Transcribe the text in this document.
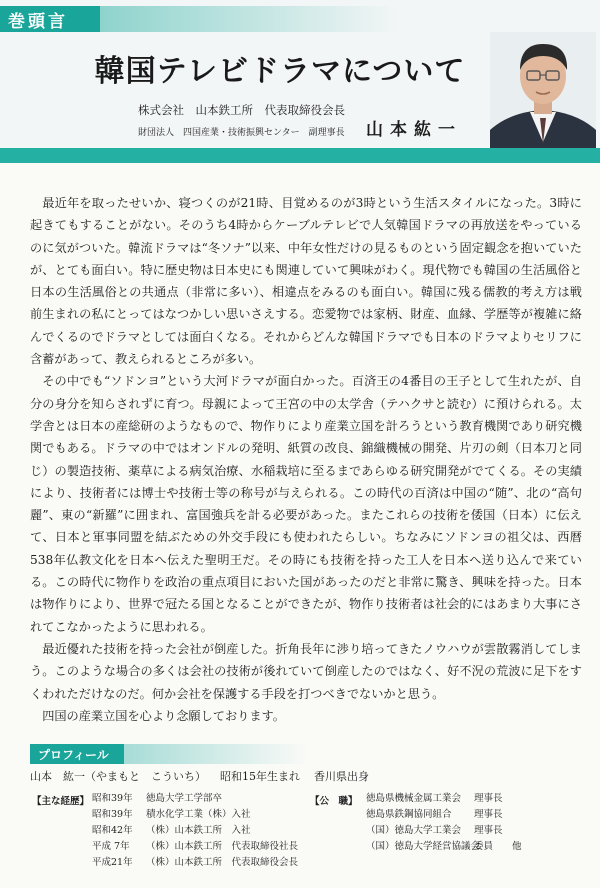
巻頭言
韓国テレビドラマについて
株式会社　山本鉄工所　代表取締役会長
財団法人　四国産業・技術振興センター　副理事長 山本紘一

最近年を取ったせいか、寝つくのが21時、目覚めるのが3時という生活スタイルになった。3時に起きてもすることがない。そのうち4時からケーブルテレビで人気韓国ドラマの再放送をやっているのに気がついた。韓流ドラマは“冬ソナ”以来、中年女性だけの見るものという固定観念を抱いていたが、とても面白い。特に歴史物は日本史にも関連していて興味がわく。現代物でも韓国の生活風俗と日本の生活風俗との共通点（非常に多い）、相違点をみるのも面白い。韓国に残る儒教的考え方は戦前生まれの私にとってはなつかしい思いさえする。恋愛物では家柄、財産、血縁、学歴等が複雑に絡んでくるのでドラマとしては面白くなる。それからどんな韓国ドラマでも日本のドラマよりセリフに含蓄があって、教えられるところが多い。

その中でも“ソドンヨ”という大河ドラマが面白かった。百済王の4番目の王子として生れたが、自分の身分を知らされずに育つ。母親によって王宮の中の太学舎（テハクサと読む）に預けられる。太学舎とは日本の産総研のようなもので、物作りにより産業立国を計ろうという教育機関であり研究機関でもある。ドラマの中ではオンドルの発明、紙質の改良、錦織機械の開発、片刃の剣（日本刀と同じ）の製造技術、薬草による病気治療、水稲栽培に至るまであらゆる研究開発がでてくる。その実績により、技術者には博士や技術士等の称号が与えられる。この時代の百済は中国の“随”、北の“高句麗”、東の“新羅”に囲まれ、富国強兵を計る必要があった。またこれらの技術を倭国（日本）に伝えて、日本と軍事同盟を結ぶための外交手段にも使われたらしい。ちなみにソドンヨの祖父は、西暦538年仏教文化を日本へ伝えた聖明王だ。その時にも技術を持った工人を日本へ送り込んで来ている。この時代に物作りを政治の重点項目においた国があったのだと非常に驚き、興味を持った。日本は物作りにより、世界で冠たる国となることができたが、物作り技術者は社会的にはあまり大事にされてこなかったように思われる。

最近優れた技術を持った会社が倒産した。折角長年に渉り培ってきたノウハウが雲散霧消してしまう。このような場合の多くは会社の技術が後れていて倒産したのではなく、好不況の荒波に足下をすくわれただけなのだ。何か会社を保護する手段を打つべきでないかと思う。

四国の産業立国を心より念願しております。

プロフィール
山本　紘一（やまもと　こういち） 昭和15年生まれ 香川県出身
【主な経歴】 昭和39年 徳島大学工学部卒
昭和39年 積水化学工業（株）入社
昭和42年 （株）山本鉄工所　入社
平成 7年 （株）山本鉄工所　代表取締役社長
平成21年 （株）山本鉄工所　代表取締役会長
【公　職】 徳島県機械金属工業会 理事長
徳島県鉄鋼協同組合 理事長
（国）徳島大学工業会 理事長
（国）徳島大学経営協議会委員　　他
